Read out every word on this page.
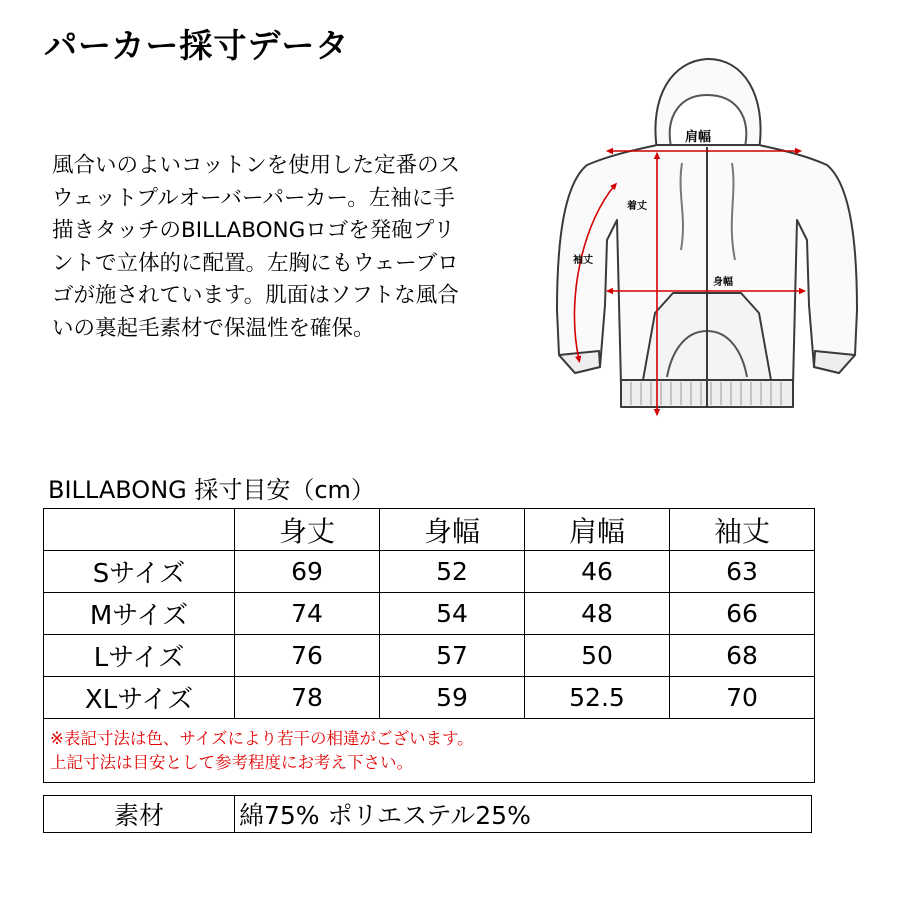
パーカー採寸データ
風合いのよいコットンを使用した定番のス
ウェットプルオーバーパーカー。左袖に手
描きタッチのBILLABONGロゴを発砲プリ
ントで立体的に配置。左胸にもウェーブロ
ゴが施されています。肌面はソフトな風合
いの裏起毛素材で保温性を確保。
肩幅
着丈
袖丈
身幅
BILLABONG 採寸目安（cm）
	身丈	身幅	肩幅	袖丈
Sサイズ	69	52	46	63
Mサイズ	74	54	48	66
Lサイズ	76	57	50	68
XLサイズ	78	59	52.5	70

※表記寸法は色、サイズにより若干の相違がございます。
上記寸法は目安として参考程度にお考え下さい。				
素材	綿75% ポリエステル25%
